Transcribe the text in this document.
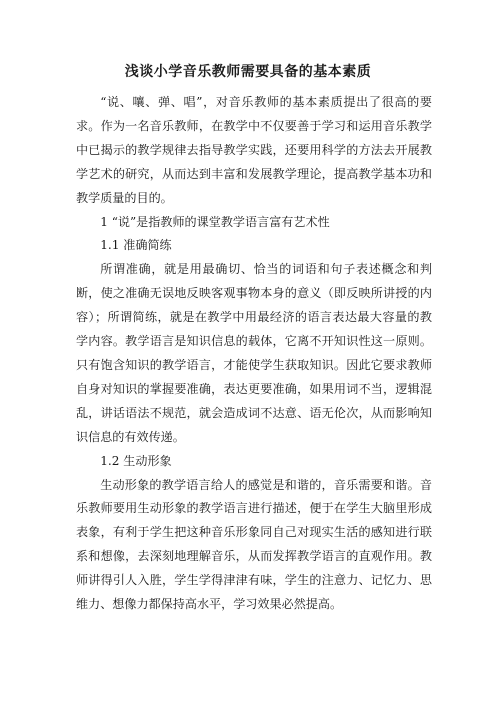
浅谈小学音乐教师需要具备的基本素质

“说、嚷、弹、唱”，对音乐教师的基本素质提出了很高的要求。作为一名音乐教师，在教学中不仅要善于学习和运用音乐教学中已揭示的教学规律去指导教学实践，还要用科学的方法去开展教学艺术的研究，从而达到丰富和发展教学理论，提高教学基本功和教学质量的目的。

1 “说”是指教师的课堂教学语言富有艺术性

1.1 准确简练

所谓准确，就是用最确切、恰当的词语和句子表述概念和判断，使之准确无误地反映客观事物本身的意义（即反映所讲授的内容）；所谓简练，就是在教学中用最经济的语言表达最大容量的教学内容。教学语言是知识信息的载体，它离不开知识性这一原则。只有饱含知识的教学语言，才能使学生获取知识。因此它要求教师自身对知识的掌握要准确，表达更要准确，如果用词不当，逻辑混乱，讲话语法不规范，就会造成词不达意、语无伦次，从而影响知识信息的有效传递。

1.2 生动形象

生动形象的教学语言给人的感觉是和谐的，音乐需要和谐。音乐教师要用生动形象的教学语言进行描述，便于在学生大脑里形成表象，有利于学生把这种音乐形象同自己对现实生活的感知进行联系和想像，去深刻地理解音乐，从而发挥教学语言的直观作用。教师讲得引人入胜，学生学得津津有味，学生的注意力、记忆力、思维力、想像力都保持高水平，学习效果必然提高。
